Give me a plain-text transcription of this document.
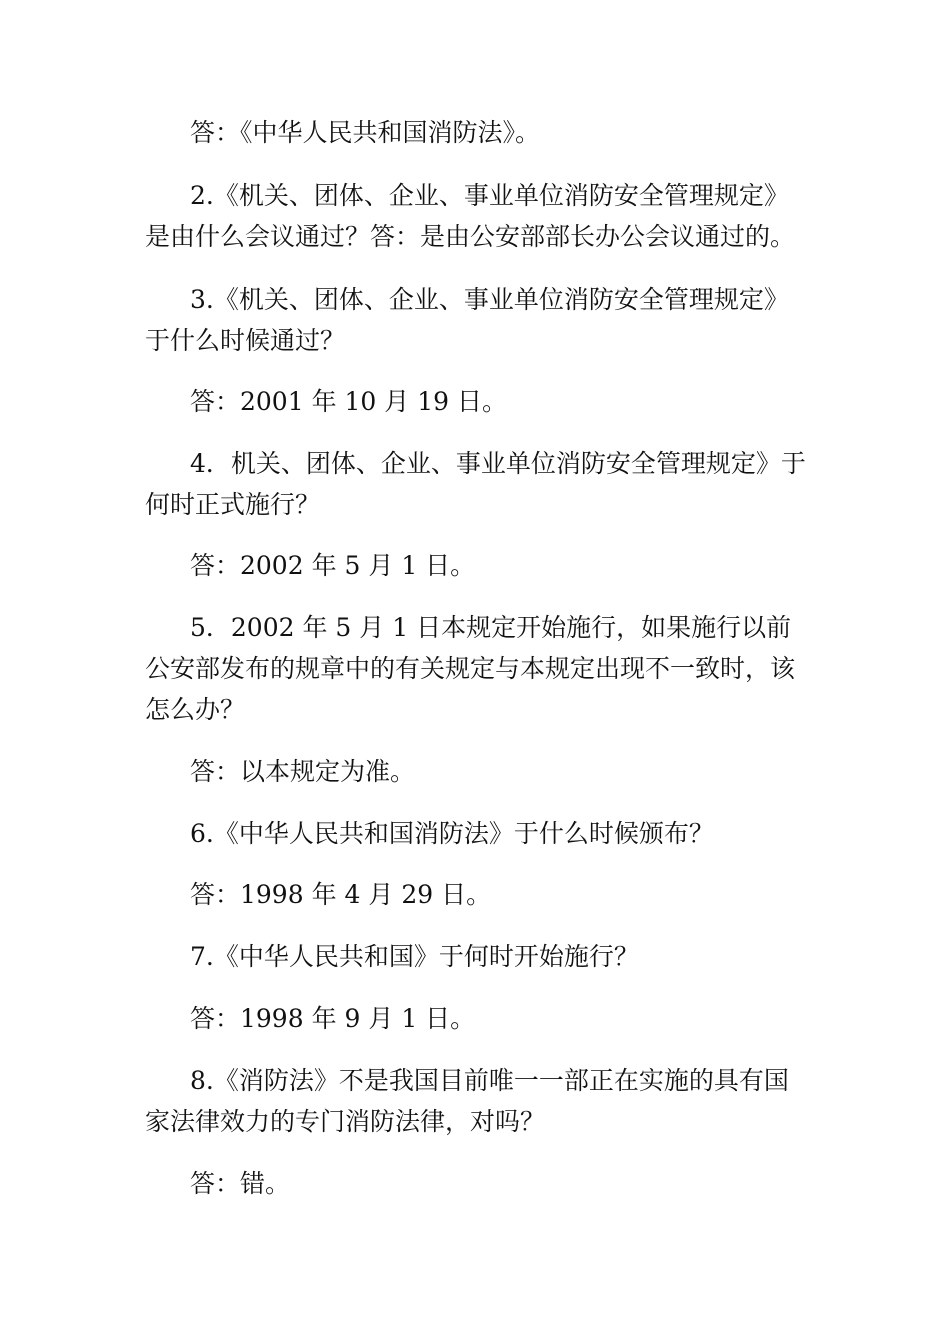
答：《中华人民共和国消防法》。

2.《机关、团体、企业、事业单位消防安全管理规定》是由什么会议通过？答：是由公安部部长办公会议通过的。

3.《机关、团体、企业、事业单位消防安全管理规定》于什么时候通过？

答：2001 年 10 月 19 日。

4．机关、团体、企业、事业单位消防安全管理规定》于何时正式施行？

答：2002 年 5 月 1 日。

5．2002 年 5 月 1 日本规定开始施行，如果施行以前公安部发布的规章中的有关规定与本规定出现不一致时，该怎么办？

答：以本规定为准。

6.《中华人民共和国消防法》于什么时候颁布？

答：1998 年 4 月 29 日。

7.《中华人民共和国》于何时开始施行？

答：1998 年 9 月 1 日。

8.《消防法》不是我国目前唯一一部正在实施的具有国家法律效力的专门消防法律，对吗？

答：错。
